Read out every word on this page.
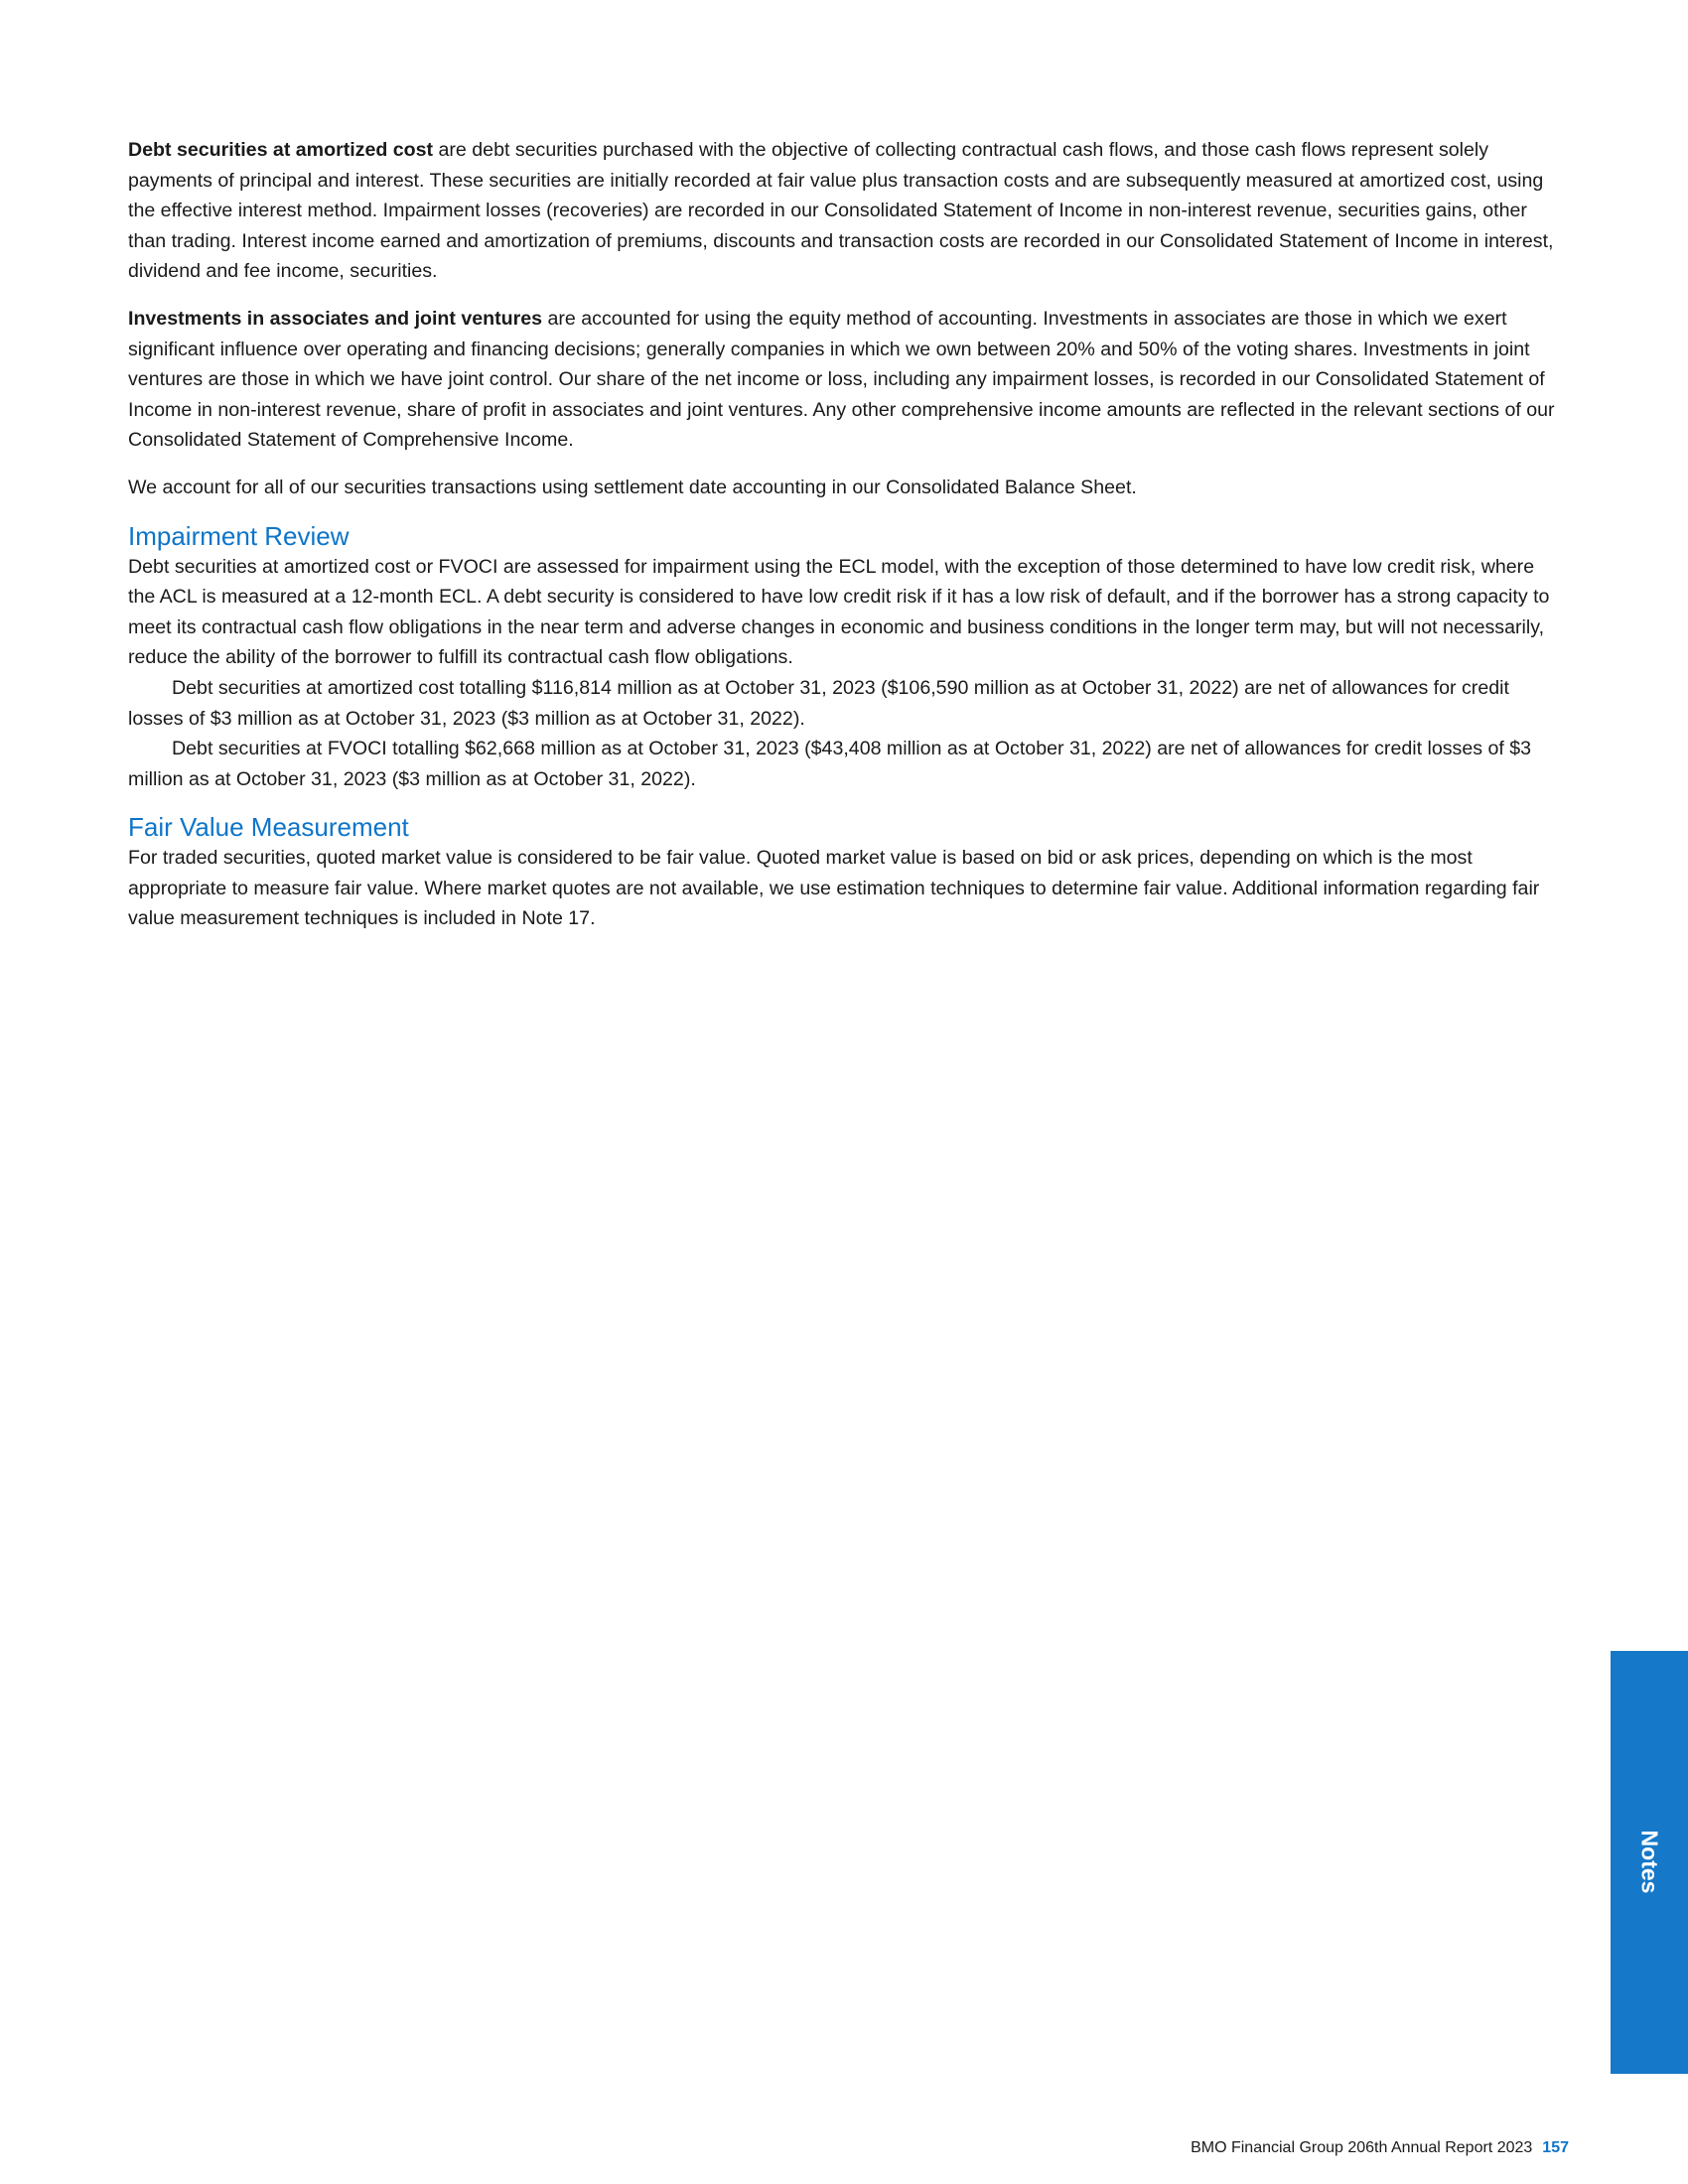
Debt securities at amortized cost are debt securities purchased with the objective of collecting contractual cash flows, and those cash flows represent solely payments of principal and interest. These securities are initially recorded at fair value plus transaction costs and are subsequently measured at amortized cost, using the effective interest method. Impairment losses (recoveries) are recorded in our Consolidated Statement of Income in non-interest revenue, securities gains, other than trading. Interest income earned and amortization of premiums, discounts and transaction costs are recorded in our Consolidated Statement of Income in interest, dividend and fee income, securities.

Investments in associates and joint ventures are accounted for using the equity method of accounting. Investments in associates are those in which we exert significant influence over operating and financing decisions; generally companies in which we own between 20% and 50% of the voting shares. Investments in joint ventures are those in which we have joint control. Our share of the net income or loss, including any impairment losses, is recorded in our Consolidated Statement of Income in non-interest revenue, share of profit in associates and joint ventures. Any other comprehensive income amounts are reflected in the relevant sections of our Consolidated Statement of Comprehensive Income.

We account for all of our securities transactions using settlement date accounting in our Consolidated Balance Sheet.

Impairment Review

Debt securities at amortized cost or FVOCI are assessed for impairment using the ECL model, with the exception of those determined to have low credit risk, where the ACL is measured at a 12-month ECL. A debt security is considered to have low credit risk if it has a low risk of default, and if the borrower has a strong capacity to meet its contractual cash flow obligations in the near term and adverse changes in economic and business conditions in the longer term may, but will not necessarily, reduce the ability of the borrower to fulfill its contractual cash flow obligations.

Debt securities at amortized cost totalling $116,814 million as at October 31, 2023 ($106,590 million as at October 31, 2022) are net of allowances for credit losses of $3 million as at October 31, 2023 ($3 million as at October 31, 2022).

Debt securities at FVOCI totalling $62,668 million as at October 31, 2023 ($43,408 million as at October 31, 2022) are net of allowances for credit losses of $3 million as at October 31, 2023 ($3 million as at October 31, 2022).

Fair Value Measurement

For traded securities, quoted market value is considered to be fair value. Quoted market value is based on bid or ask prices, depending on which is the most appropriate to measure fair value. Where market quotes are not available, we use estimation techniques to determine fair value. Additional information regarding fair value measurement techniques is included in Note 17.

Notes
BMO Financial Group 206th Annual Report 2023 157
